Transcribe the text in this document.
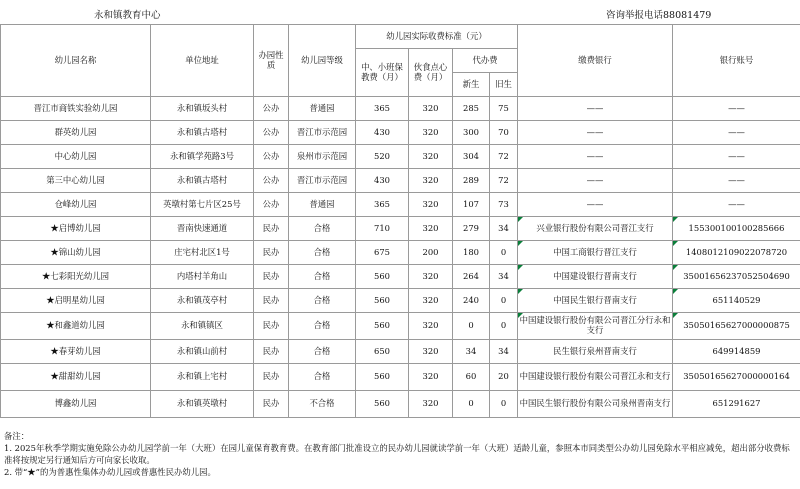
永和镇教育中心	咨询举报电话88081479
幼儿园名称	单位地址	办园性质	幼儿园等级	幼儿园实际收费标准（元）				缴费银行	银行账号
				中、小班保教费（月）	伙食点心费（月）	代办费			
						新生	旧生		
晋江市商铁实验幼儿园	永和镇坂头村	公办	普通园	365	320	285	75	——	——
群英幼儿园	永和镇古塔村	公办	晋江市示范园	430	320	300	70	——	——
中心幼儿园	永和镇学苑路3号	公办	泉州市示范园	520	320	304	72	——	——
第三中心幼儿园	永和镇古塔村	公办	晋江市示范园	430	320	289	72	——	——
仓峰幼儿园	英墩村第七片区25号	公办	普通园	365	320	107	73	——	——
★启博幼儿园	晋南快速通道	民办	合格	710	320	279	34	兴业银行股份有限公司晋江支行	155300100100285666
★锦山幼儿园	庄宅村北区1号	民办	合格	675	200	180	0	中国工商银行晋江支行	1408012109022078720
★七彩阳光幼儿园	内塔村羊角山	民办	合格	560	320	264	34	中国建设银行晋南支行	35001656237052504690
★启明星幼儿园	永和镇茂亭村	民办	合格	560	320	240	0	中国民生银行晋南支行	651140529
★和鑫道幼儿园	永和镇镇区	民办	合格	560	320	0	0	中国建设银行股份有限公司晋江分行永和支行	35050165627000000875
★春芽幼儿园	永和镇山前村	民办	合格	650	320	34	34	民生银行泉州晋南支行	649914859
★甜甜幼儿园	永和镇上宅村	民办	合格	560	320	60	20	中国建设银行股份有限公司晋江永和支行	35050165627000000164
博鑫幼儿园	永和镇英墩村	民办	不合格	560	320	0	0	中国民生银行股份有限公司泉州晋南支行	651291627
备注：
1. 2025年秋季学期实施免除公办幼儿园学前一年（大班）在园儿童保育教育费。在教育部门批准设立的民办幼儿园就读学前一年（大班）适龄儿童，参照本市同类型公办幼儿园免除水平相应减免，超出部分收费标准将按规定另行通知后方可向家长收取。
2. 带“★”的为普惠性集体办幼儿园或普惠性民办幼儿园。
